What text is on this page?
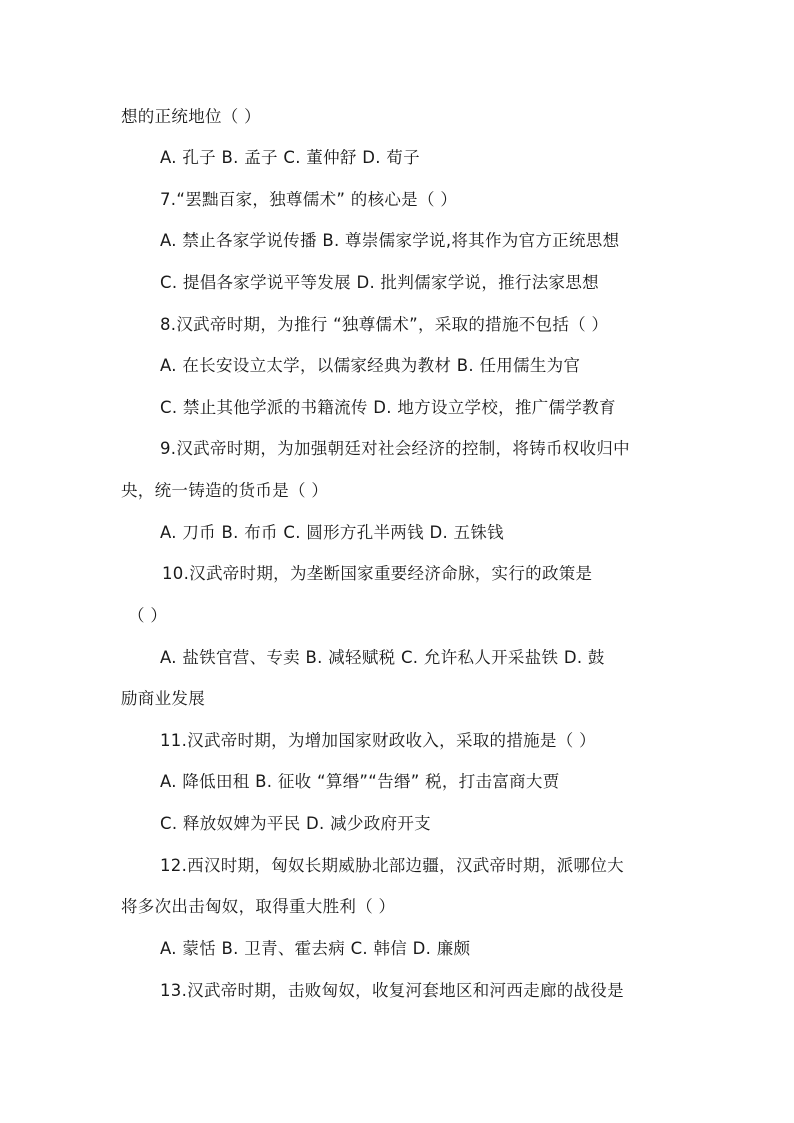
想的正统地位（ ）
A. 孔子 B. 孟子 C. 董仲舒 D. 荀子
7.“罢黜百家，独尊儒术” 的核心是（ ）
A. 禁止各家学说传播 B. 尊崇儒家学说,将其作为官方正统思想
C. 提倡各家学说平等发展 D. 批判儒家学说，推行法家思想
8.汉武帝时期，为推行 “独尊儒术”，采取的措施不包括（ ）
A. 在长安设立太学，以儒家经典为教材 B. 任用儒生为官
C. 禁止其他学派的书籍流传 D. 地方设立学校，推广儒学教育
9.汉武帝时期，为加强朝廷对社会经济的控制，将铸币权收归中
央，统一铸造的货币是（ ）
A. 刀币 B. 布币 C. 圆形方孔半两钱 D. 五铢钱
10.汉武帝时期，为垄断国家重要经济命脉，实行的政策是
（ ）
A. 盐铁官营、专卖 B. 减轻赋税 C. 允许私人开采盐铁 D. 鼓
励商业发展
11.汉武帝时期，为增加国家财政收入，采取的措施是（ ）
A. 降低田租 B. 征收 “算缗”“告缗” 税，打击富商大贾
C. 释放奴婢为平民 D. 减少政府开支
12.西汉时期，匈奴长期威胁北部边疆，汉武帝时期，派哪位大
将多次出击匈奴，取得重大胜利（ ）
A. 蒙恬 B. 卫青、霍去病 C. 韩信 D. 廉颇
13.汉武帝时期，击败匈奴，收复河套地区和河西走廊的战役是
